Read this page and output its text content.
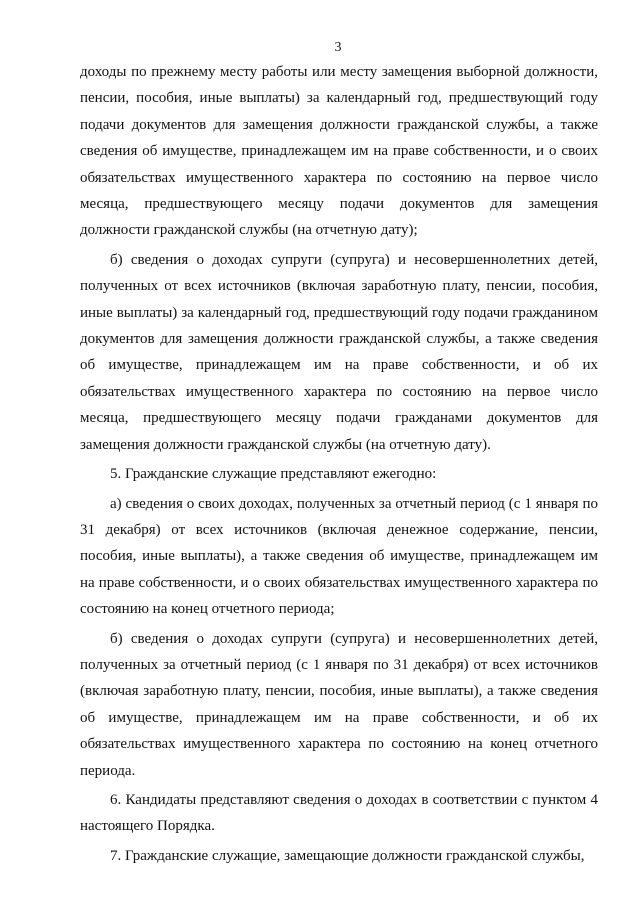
3

доходы по прежнему месту работы или месту замещения выборной должности, пенсии, пособия, иные выплаты) за календарный год, предшествующий году подачи документов для замещения должности гражданской службы, а также сведения об имуществе, принадлежащем им на праве собственности, и о своих обязательствах имущественного характера по состоянию на первое число месяца, предшествующего месяцу подачи документов для замещения должности гражданской службы (на отчетную дату);

б) сведения о доходах супруги (супруга) и несовершеннолетних детей, полученных от всех источников (включая заработную плату, пенсии, пособия, иные выплаты) за календарный год, предшествующий году подачи гражданином документов для замещения должности гражданской службы, а также сведения об имуществе, принадлежащем им на праве собственности, и об их обязательствах имущественного характера по состоянию на первое число месяца, предшествующего месяцу подачи гражданами документов для замещения должности гражданской службы (на отчетную дату).

5. Гражданские служащие представляют ежегодно:

а) сведения о своих доходах, полученных за отчетный период (с 1 января по 31 декабря) от всех источников (включая денежное содержание, пенсии, пособия, иные выплаты), а также сведения об имуществе, принадлежащем им на праве собственности, и о своих обязательствах имущественного характера по состоянию на конец отчетного периода;

б) сведения о доходах супруги (супруга) и несовершеннолетних детей, полученных за отчетный период (с 1 января по 31 декабря) от всех источников (включая заработную плату, пенсии, пособия, иные выплаты), а также сведения об имуществе, принадлежащем им на праве собственности, и об их обязательствах имущественного характера по состоянию на конец отчетного периода.

6. Кандидаты представляют сведения о доходах в соответствии с пунктом 4 настоящего Порядка.

7. Гражданские служащие, замещающие должности гражданской службы,
